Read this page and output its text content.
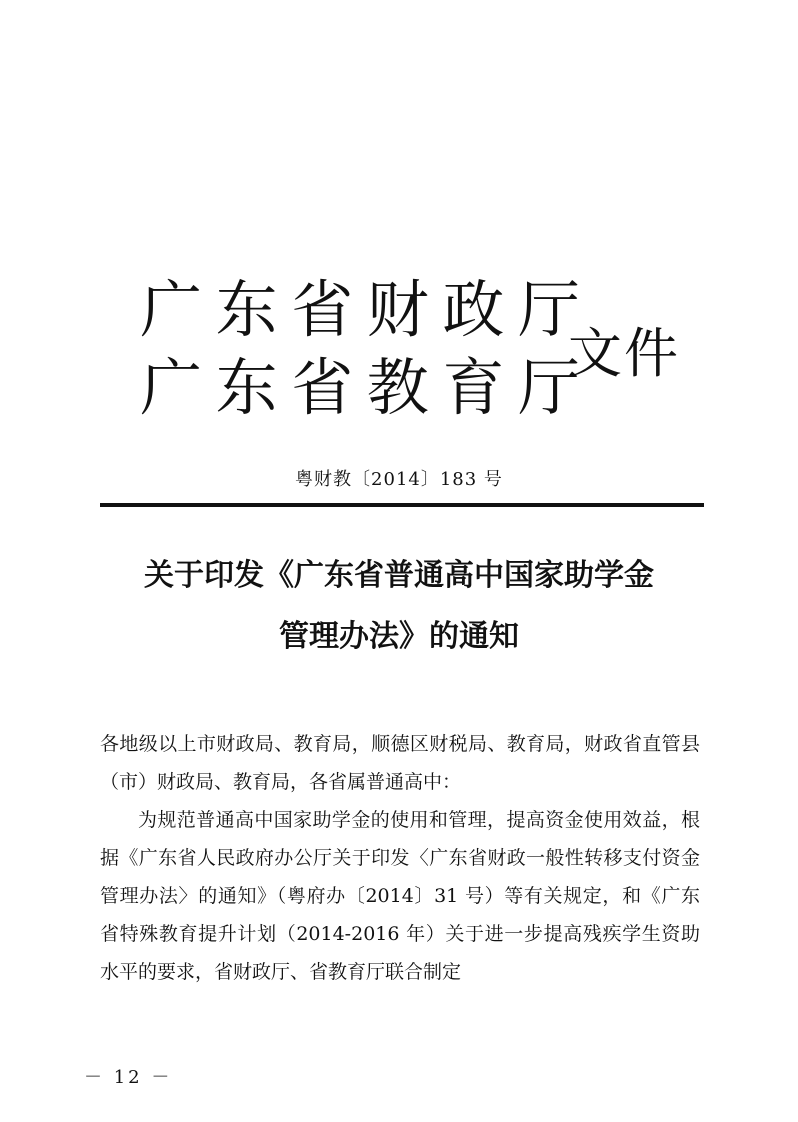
广 东 省 财 政 厅
广 东 省 教 育 厅
文件
粤财教〔2014〕183 号
关于印发《广东省普通高中国家助学金
管理办法》的通知

各地级以上市财政局、教育局，顺德区财税局、教育局，财政省直管县（市）财政局、教育局，各省属普通高中：

为规范普通高中国家助学金的使用和管理，提高资金使用效益，根据《广东省人民政府办公厅关于印发〈广东省财政一般性转移支付资金管理办法〉的通知》（粤府办〔2014〕31 号）等有关规定，和《广东省特殊教育提升计划（2014-2016 年）关于进一步提高残疾学生资助水平的要求，省财政厅、省教育厅联合制定

－ 12 －
